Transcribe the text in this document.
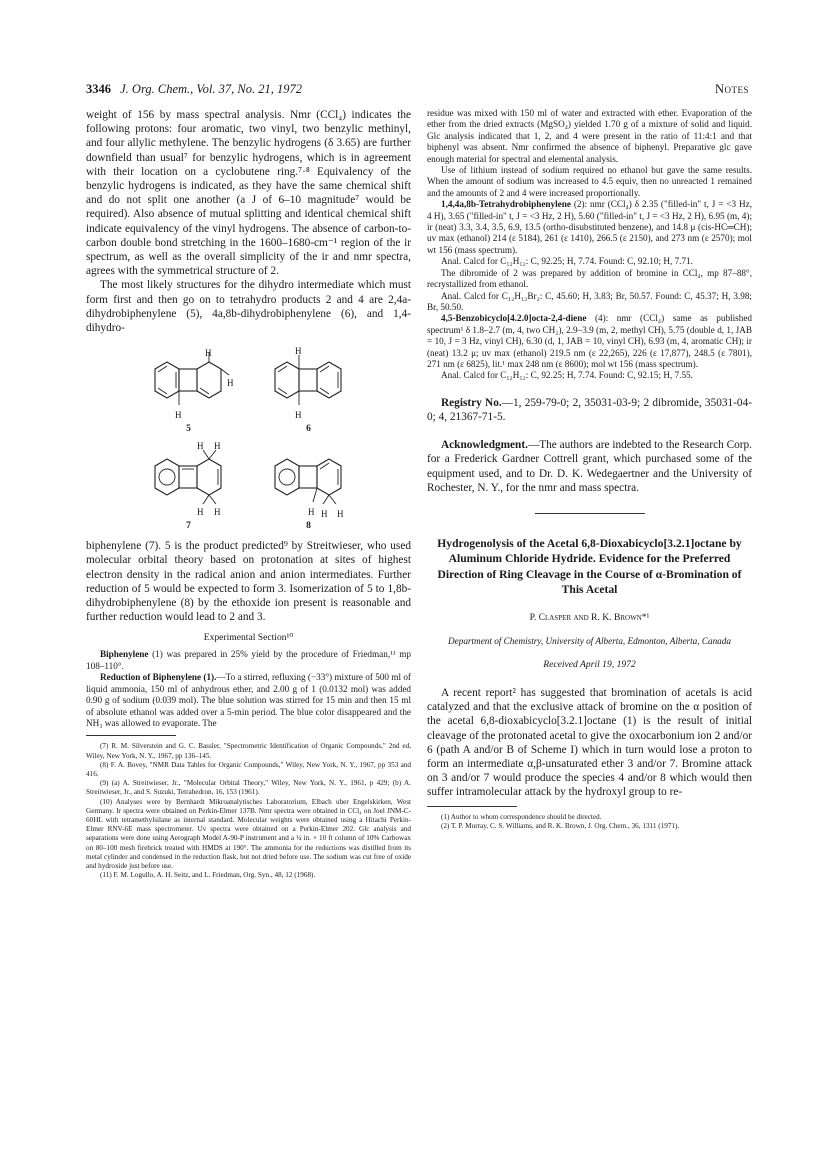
3346 J. Org. Chem., Vol. 37, No. 21, 1972	Notes

weight of 156 by mass spectral analysis. Nmr (CCl₄) indicates the following protons: four aromatic, two vinyl, two benzylic methinyl, and four allylic methylene. The benzylic hydrogens (δ 3.65) are further downfield than usual⁷ for benzylic hydrogens, which is in agreement with their location on a cyclobutene ring.⁷·⁸ Equivalency of the benzylic hydrogens is indicated, as they have the same chemical shift and do not split one another (a J of 6–10 magnitude⁷ would be required). Also absence of mutual splitting and identical chemical shift indicate equivalency of the vinyl hydrogens. The absence of carbon-to-carbon double bond stretching in the 1600–1680-cm⁻¹ region of the ir spectrum, as well as the overall simplicity of the ir and nmr spectra, agrees with the symmetrical structure of 2.

The most likely structures for the dihydro intermediate which must form first and then go on to tetrahydro products 2 and 4 are 2,4a-dihydrobiphenylene (5), 4a,8b-dihydrobiphenylene (6), and 1,4-dihydro-

H
H
H
5
H
H
6
H H
H H
7
H H H
8

biphenylene (7). 5 is the product predicted⁹ by Streitwieser, who used molecular orbital theory based on protonation at sites of highest electron density in the radical anion and anion intermediates. Further reduction of 5 would be expected to form 3. Isomerization of 5 to 1,8b-dihydrobiphenylene (8) by the ethoxide ion present is reasonable and further reduction would lead to 2 and 3.

Experimental Section¹⁰

Biphenylene (1) was prepared in 25% yield by the procedure of Friedman,¹¹ mp 108–110°.

Reduction of Biphenylene (1).—To a stirred, refluxing (−33°) mixture of 500 ml of liquid ammonia, 150 ml of anhydrous ether, and 2.00 g of 1 (0.0132 mol) was added 0.90 g of sodium (0.039 mol). The blue solution was stirred for 15 min and then 15 ml of absolute ethanol was added over a 5-min period. The blue color disappeared and the NH₃ was allowed to evaporate. The

(7) R. M. Silverstein and G. C. Bassler, "Spectrometric Identification of Organic Compounds," 2nd ed, Wiley, New York, N. Y., 1967, pp 136–145.

(8) F. A. Bovey, "NMR Data Tables for Organic Compounds," Wiley, New York, N. Y., 1967, pp 353 and 416.

(9) (a) A. Streitwieser, Jr., "Molecular Orbital Theory," Wiley, New York, N. Y., 1961, p 429; (b) A. Streitwieser, Jr., and S. Suzuki, Tetrahedron, 16, 153 (1961).

(10) Analyses were by Bernhardt Mikroanalytisches Laboratorium, Elbach uber Engelskirken, West Germany. Ir spectra were obtained on Perkin-Elmer 137B. Nmr spectra were obtained in CCl₄ on Joel JNM-C-60HL with tetramethylsilane as internal standard. Molecular weights were obtained using a Hitachi Perkin-Elmer RNV-6E mass spectrometer. Uv spectra were obtained on a Perkin-Elmer 202. Glc analysis and separations were done using Aerograph Model A-90-P instrument and a ¼ in. × 10 ft column of 10% Carbowax on 80–100 mesh firebrick treated with HMDS at 190°. The ammonia for the reductions was distilled from its metal cylinder and condensed in the reduction flask, but not dried before use. The sodium was cut free of oxide and hydroxide just before use.

(11) F. M. Logullo, A. H. Seitz, and L. Friedman, Org. Syn., 48, 12 (1968).

residue was mixed with 150 ml of water and extracted with ether. Evaporation of the ether from the dried extracts (MgSO₄) yielded 1.70 g of a mixture of solid and liquid. Glc analysis indicated that 1, 2, and 4 were present in the ratio of 11:4:1 and that biphenyl was absent. Nmr confirmed the absence of biphenyl. Preparative glc gave enough material for spectral and elemental analysis.

Use of lithium instead of sodium required no ethanol but gave the same results. When the amount of sodium was increased to 4.5 equiv, then no unreacted 1 remained and the amounts of 2 and 4 were increased proportionally.

1,4,4a,8b-Tetrahydrobiphenylene (2): nmr (CCl₄) δ 2.35 ("filled-in" t, J = <3 Hz, 4 H), 3.65 ("filled-in" t, J = <3 Hz, 2 H), 5.60 ("filled-in" t, J = <3 Hz, 2 H), 6.95 (m, 4); ir (neat) 3.3, 3.4, 3.5, 6.9, 13.5 (ortho-disubstituted benzene), and 14.8 μ (cis-HC═CH); uv max (ethanol) 214 (ε 5184), 261 (ε 1410), 266.5 (ε 2150), and 273 nm (ε 2570); mol wt 156 (mass spectrum).

Anal. Calcd for C₁₂H₁₂: C, 92.25; H, 7.74. Found: C, 92.10; H, 7.71.

The dibromide of 2 was prepared by addition of bromine in CCl₄, mp 87–88°, recrystallized from ethanol.

Anal. Calcd for C₁₂H₁₂Br₂: C, 45.60; H, 3.83; Br, 50.57. Found: C, 45.37; H, 3.98; Br, 50.50.

4,5-Benzobicyclo[4.2.0]octa-2,4-diene (4): nmr (CCl₄) same as published spectrum¹ δ 1.8–2.7 (m, 4, two CH₂), 2.9–3.9 (m, 2, methyl CH), 5.75 (double d, 1, JAB = 10, J = 3 Hz, vinyl CH), 6.30 (d, 1, JAB = 10, vinyl CH), 6.93 (m, 4, aromatic CH); ir (neat) 13.2 μ; uv max (ethanol) 219.5 nm (ε 22,265), 226 (ε 17,877), 248.5 (ε 7801), 271 nm (ε 6825), lit.¹ max 248 nm (ε 8600); mol wt 156 (mass spectrum).

Anal. Calcd for C₁₂H₁₂: C, 92.25; H, 7.74. Found: C, 92.15; H, 7.55.

Registry No.—1, 259-79-0; 2, 35031-03-9; 2 dibromide, 35031-04-0; 4, 21367-71-5.

Acknowledgment.—The authors are indebted to the Research Corp. for a Frederick Gardner Cottrell grant, which purchased some of the equipment used, and to Dr. D. K. Wedegaertner and the University of Rochester, N. Y., for the nmr and mass spectra.

Hydrogenolysis of the Acetal 6,8-Dioxabicyclo[3.2.1]octane by Aluminum Chloride Hydride. Evidence for the Preferred Direction of Ring Cleavage in the Course of α-Bromination of This Acetal
P. Clasper and R. K. Brown*¹
Department of Chemistry, University of Alberta, Edmonton, Alberta, Canada
Received April 19, 1972

A recent report² has suggested that bromination of acetals is acid catalyzed and that the exclusive attack of bromine on the α position of the acetal 6,8-dioxabicyclo[3.2.1]octane (1) is the result of initial cleavage of the protonated acetal to give the oxocarbonium ion 2 and/or 6 (path A and/or B of Scheme I) which in turn would lose a proton to form an intermediate α,β-unsaturated ether 3 and/or 7. Bromine attack on 3 and/or 7 would produce the species 4 and/or 8 which would then suffer intramolecular attack by the hydroxyl group to re-

(1) Author to whom correspondence should be directed.

(2) T. P. Murray, C. S. Williams, and R. K. Brown, J. Org. Chem., 36, 1311 (1971).
